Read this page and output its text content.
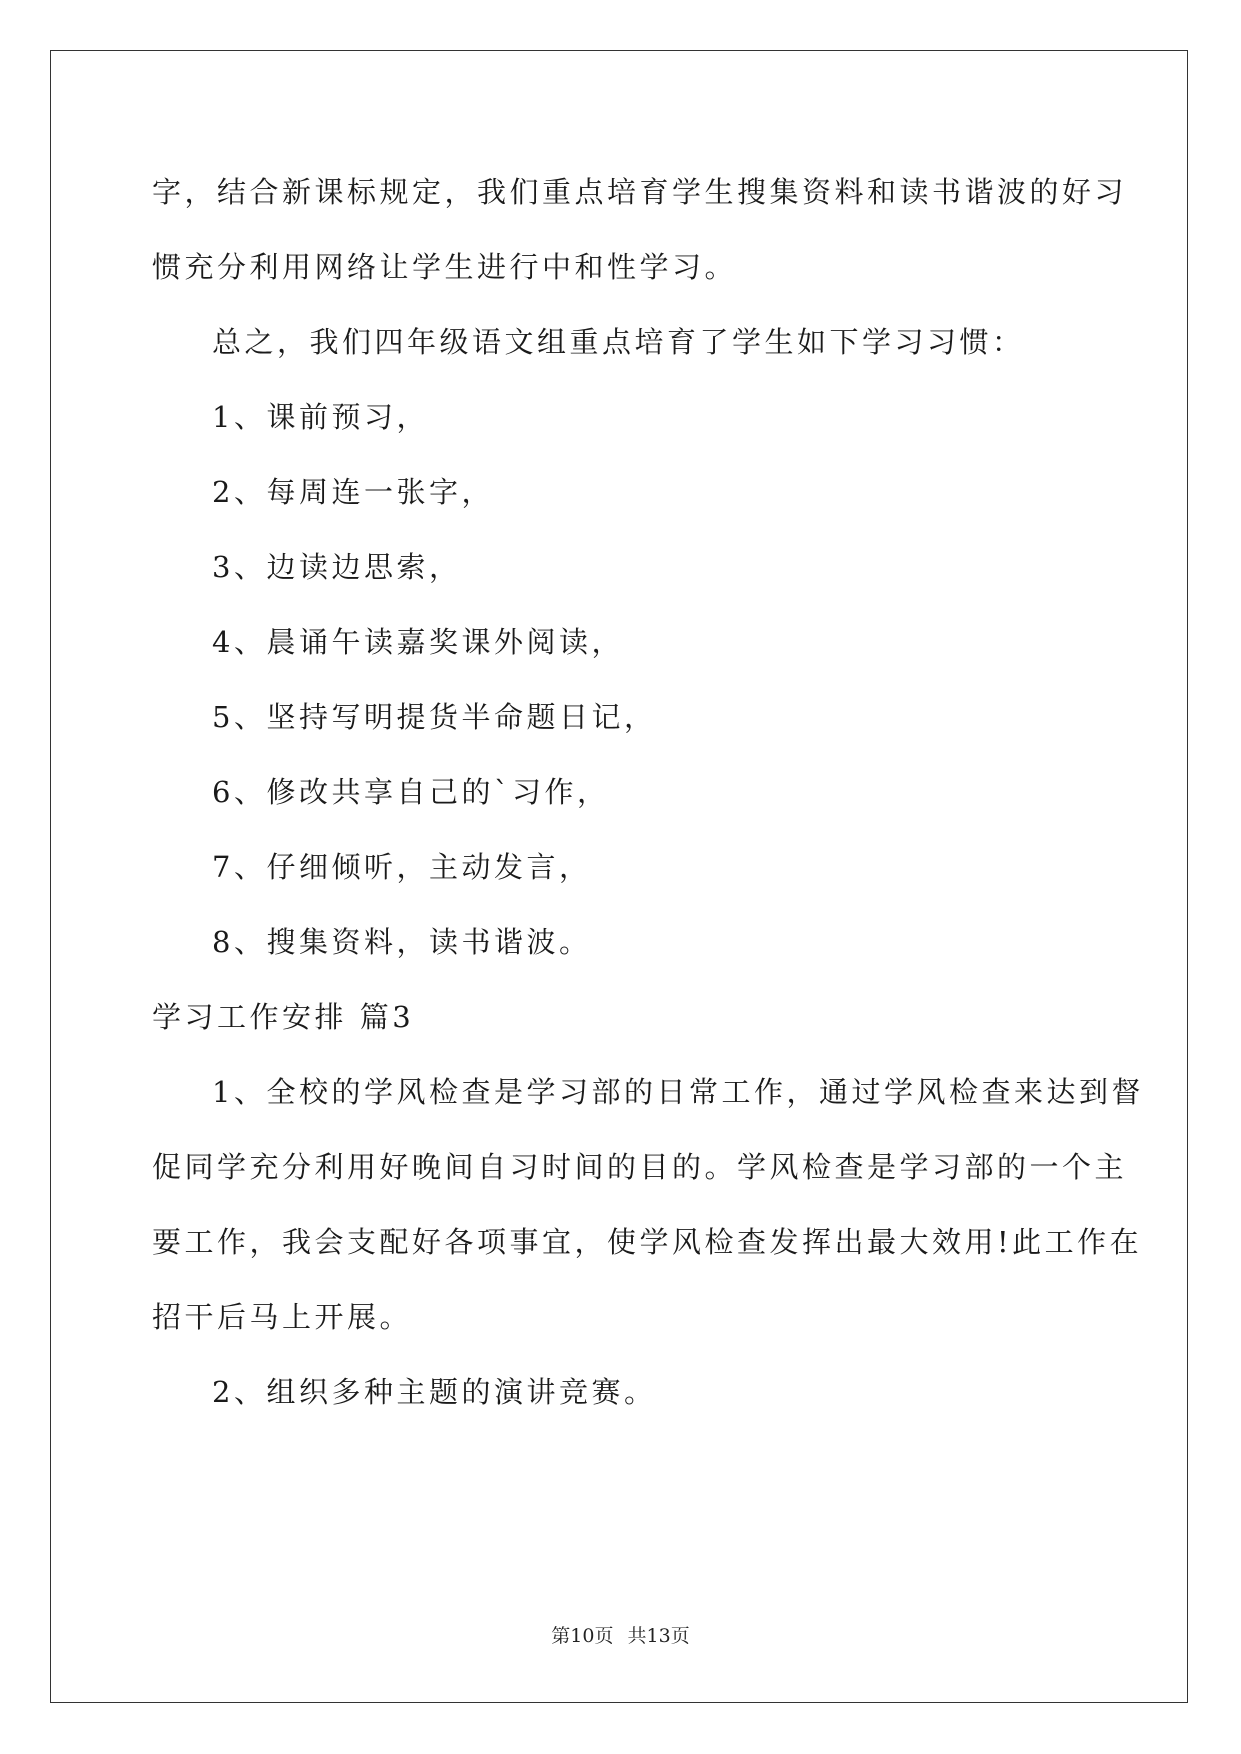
字，结合新课标规定，我们重点培育学生搜集资料和读书谐波的好习
惯充分利用网络让学生进行中和性学习。
总之，我们四年级语文组重点培育了学生如下学习习惯：
1、课前预习，
2、每周连一张字，
3、边读边思索，
4、晨诵午读嘉奖课外阅读，
5、坚持写明提货半命题日记，
6、修改共享自己的`习作，
7、仔细倾听，主动发言，
8、搜集资料，读书谐波。
学习工作安排 篇3
1、全校的学风检查是学习部的日常工作，通过学风检查来达到督
促同学充分利用好晚间自习时间的目的。学风检查是学习部的一个主
要工作，我会支配好各项事宜，使学风检查发挥出最大效用!此工作在
招干后马上开展。
2、组织多种主题的演讲竞赛。
第10页 共13页
